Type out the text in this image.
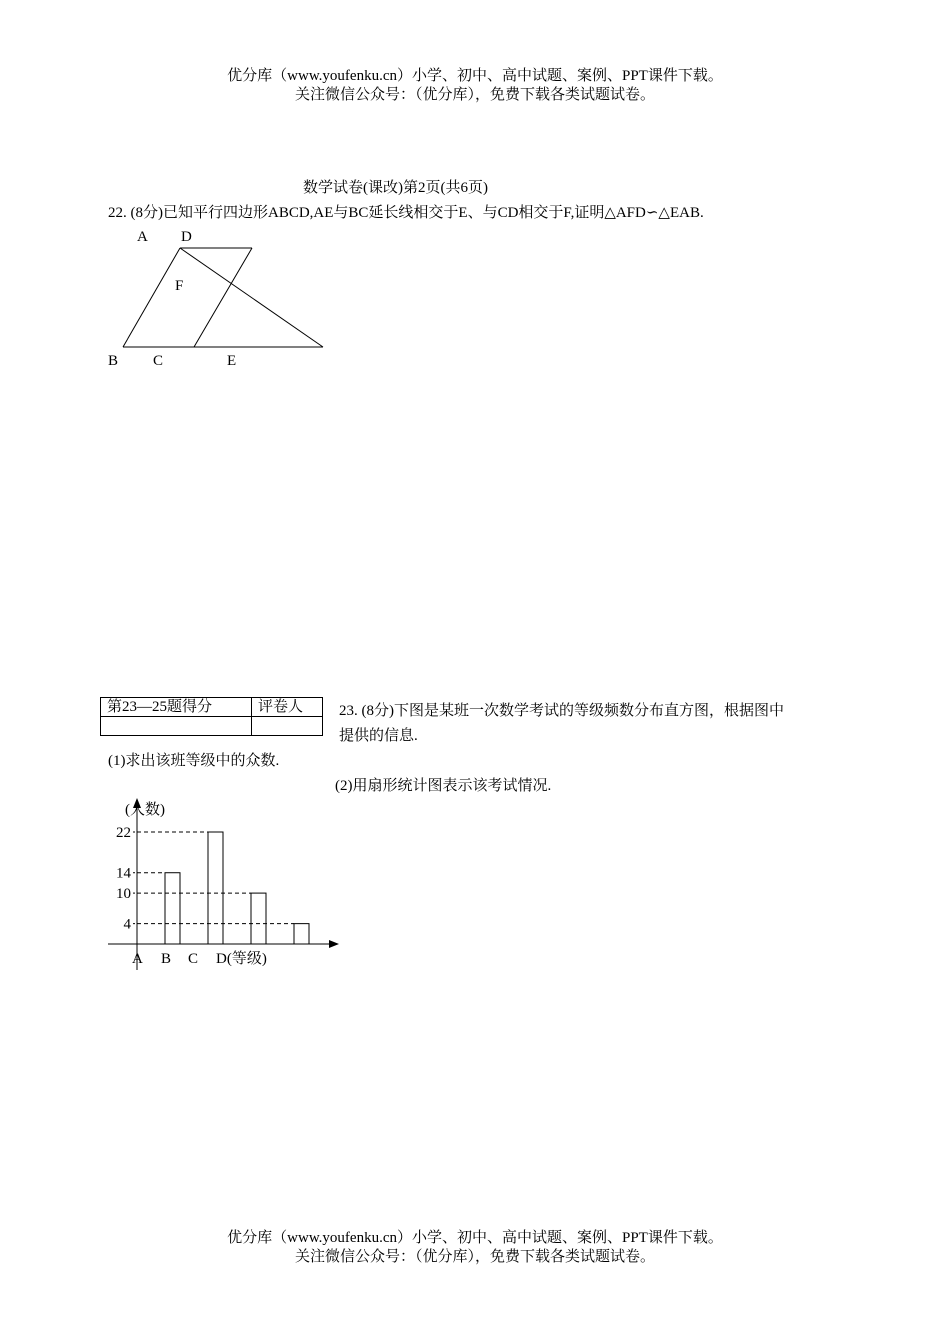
优分库（www.youfenku.cn）小学、初中、高中试题、案例、PPT课件下载。
关注微信公众号：（优分库），免费下载各类试题试卷。
数学试卷(课改)第2页(共6页)
22. (8分)已知平行四边形ABCD,AE与BC延长线相交于E、与CD相交于F,证明△AFD∽△EAB.
A D
F
B C	E
第23—25题得分	评卷人
	23. (8分)下图是某班一次数学考试的等级频数分布直方图，根据图中
提供的信息.
(1)求出该班等级中的众数.
(2)用扇形统计图表示该考试情况.
(人数)
4
10
14
22
A B C D(等级)
优分库（www.youfenku.cn）小学、初中、高中试题、案例、PPT课件下载。
关注微信公众号：（优分库），免费下载各类试题试卷。
